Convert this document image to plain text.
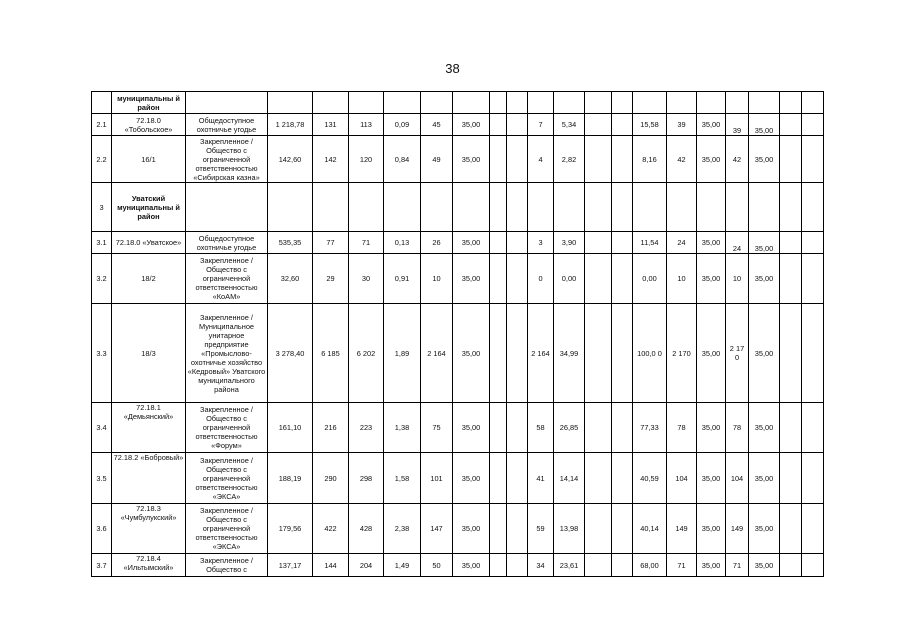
38
	муниципальны й район																				
2.1	72.18.0 «Тобольское»	Общедоступное охотничье угодье	1 218,78	131	113	0,09	45	35,00			7	5,34			15,58	39	35,00	39	35,00		
2.2	16/1	Закрепленное / Общество с ограниченной ответственностью «Сибирская казна»	142,60	142	120	0,84	49	35,00			4	2,82			8,16	42	35,00	42	35,00		
3	Уватский муниципальны й район																				
3.1	72.18.0 «Уватское»	Общедоступное охотничье угодье	535,35	77	71	0,13	26	35,00			3	3,90			11,54	24	35,00	24	35,00		
3.2	18/2	Закрепленное / Общество с ограниченной ответственностью «КоАМ»	32,60	29	30	0,91	10	35,00			0	0,00			0,00	10	35,00	10	35,00		
3.3	18/3	Закрепленное / Муниципальное унитарное предприятие «Промыслово-охотничье хозяйство «Кедровый» Уватского муниципального района	3 278,40	6 185	6 202	1,89	2 164	35,00			2 164	34,99			100,0 0	2 170	35,00	2 17 0	35,00		
3.4	72.18.1 «Демьянский»	Закрепленное / Общество с ограниченной ответственностью «Форум»	161,10	216	223	1,38	75	35,00			58	26,85			77,33	78	35,00	78	35,00		
3.5	72.18.2 «Бобровый»	Закрепленное / Общество с ограниченной ответственностью «ЭКСА»	188,19	290	298	1,58	101	35,00			41	14,14			40,59	104	35,00	104	35,00		
3.6	72.18.3 «Чумбулукский»	Закрепленное / Общество с ограниченной ответственностью «ЭКСА»	179,56	422	428	2,38	147	35,00			59	13,98			40,14	149	35,00	149	35,00		
3.7	72.18.4 «Ильтымский»	Закрепленное / Общество с	137,17	144	204	1,49	50	35,00			34	23,61			68,00	71	35,00	71	35,00		
